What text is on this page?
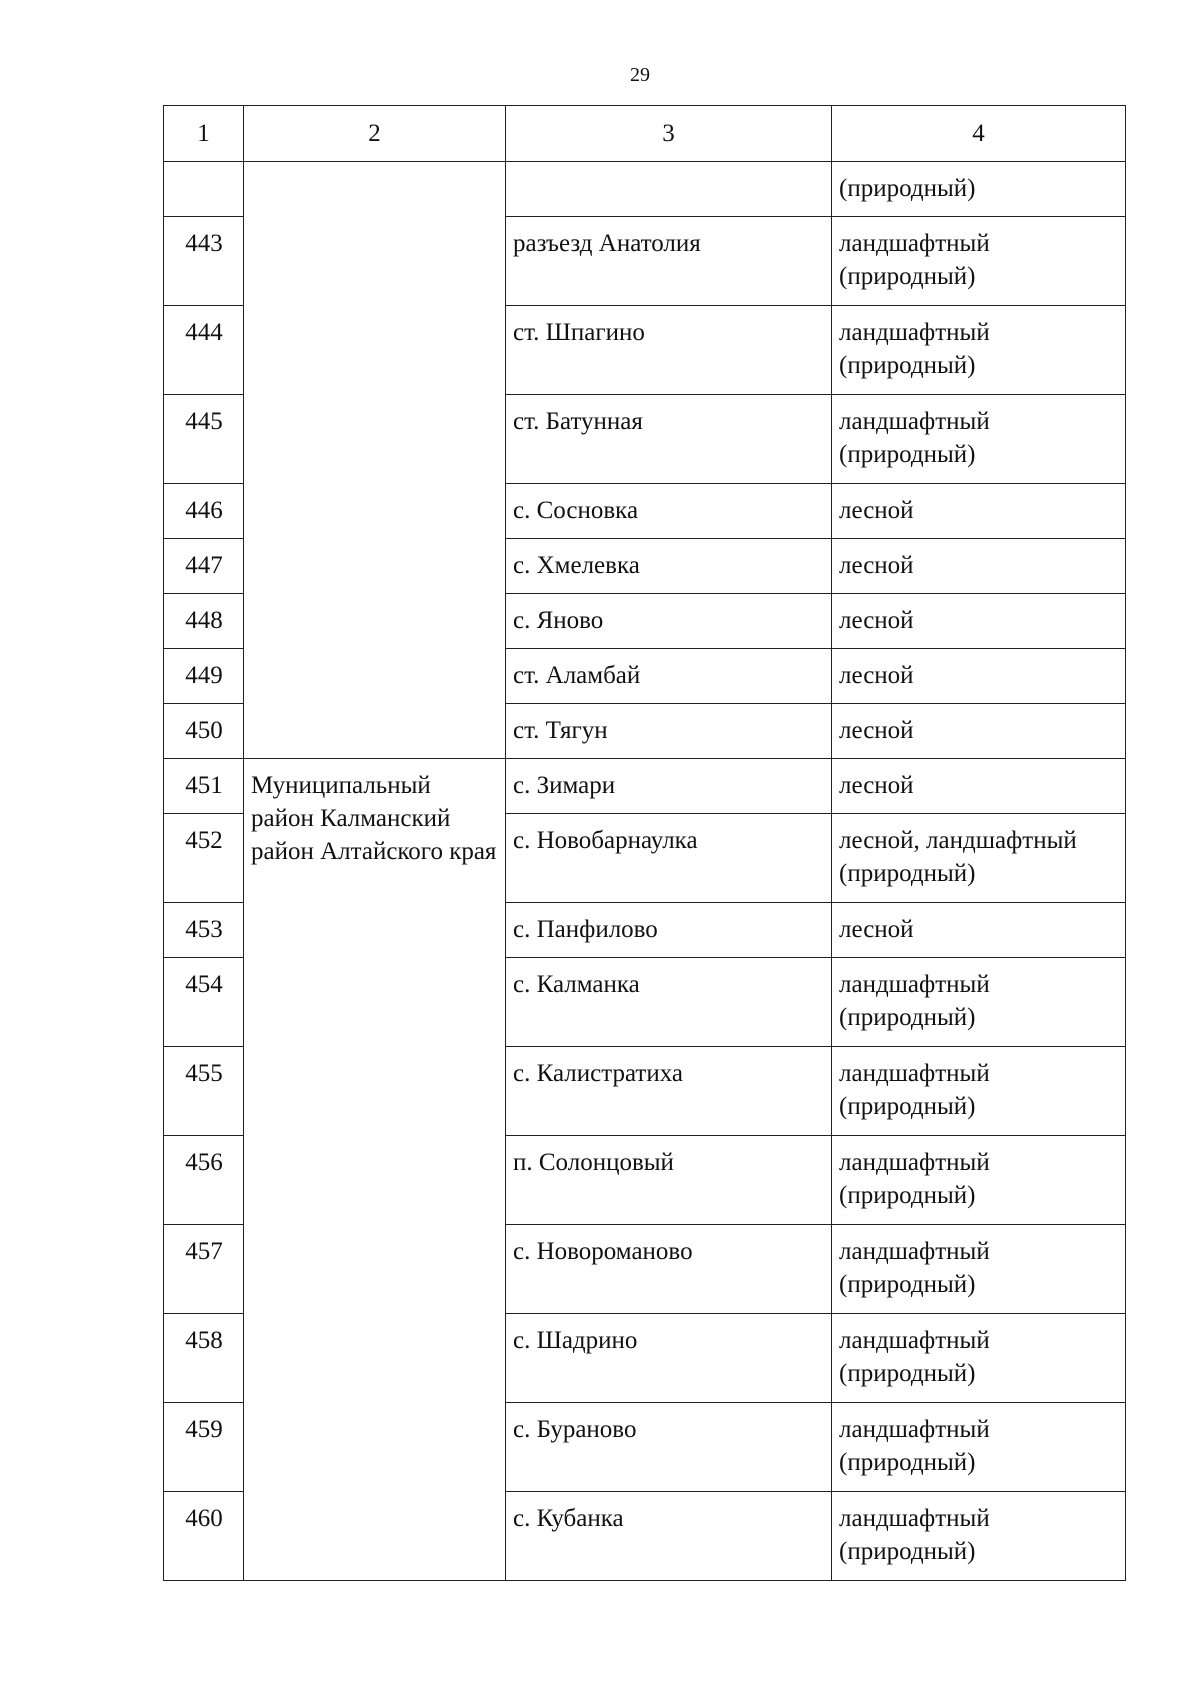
29
1	2	3	4
			(природный)
443		разъезд Анатолия	ландшафтный (природный)
444		ст. Шпагино	ландшафтный (природный)
445		ст. Батунная	ландшафтный (природный)
446		с. Сосновка	лесной
447		с. Хмелевка	лесной
448		с. Яново	лесной
449		ст. Аламбай	лесной
450		ст. Тягун	лесной
451	Муниципальный район Калманский район Алтайского края	с. Зимари	лесной
452		с. Новобарнаулка	лесной, ландшафтный (природный)
453		с. Панфилово	лесной
454		с. Калманка	ландшафтный (природный)
455		с. Калистратиха	ландшафтный (природный)
456		п. Солонцовый	ландшафтный (природный)
457		с. Новороманово	ландшафтный (природный)
458		с. Шадрино	ландшафтный (природный)
459		с. Бураново	ландшафтный (природный)
460		с. Кубанка	ландшафтный (природный)
